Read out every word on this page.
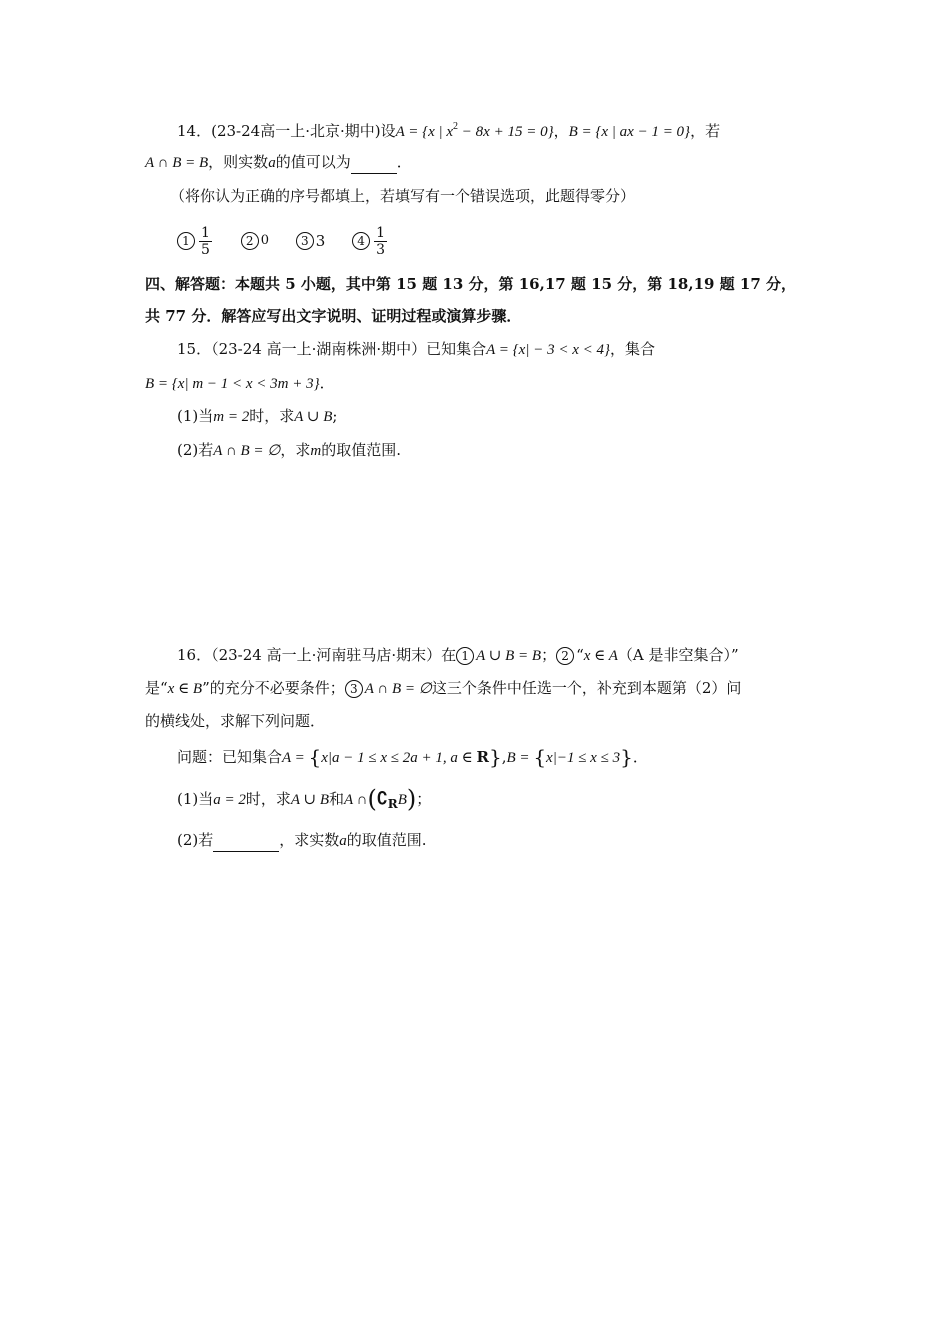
14．(23-24高一上·北京·期中)设A = {x | $x^2 - 8x + 15 = 0$}，B = {x | ax − 1 = 0}，若
A ∩ B = B，则实数a的值可以为	．
（将你认为正确的序号都填上，若填写有一个错误选项，此题得零分）
$1 \frac{1}{5}$
	2 0
	3 3
	$4 \frac{1}{3}$
四、解答题：本题共 5 小题，其中第 15 题 13 分，第 16,17 题 15 分，第 18,19 题 17 分，
共 77 分．解答应写出文字说明、证明过程或演算步骤．
15．（23-24 高一上·湖南株洲·期中）已知集合A = {x| − 3 < x < 4}，集合
B = {x| m − 1 < x < 3m + 3}．
(1)当m = 2时，求A ∪ B;
(2)若A ∩ B = ∅，求m的取值范围.
16．（23-24 高一上·河南驻马店·期末）在 1 A ∪ B = B； 2 “x ∈ A（A 是非空集合）”
是“x ∈ B”的充分不必要条件； 3 A ∩ B = ∅这三个条件中任选一个，补充到本题第（2）问
的横线处，求解下列问题．
问题：已知集合A = {x|a − 1 ≤ x ≤ 2a + 1, a ∈ R},B = {x|−1 ≤ x ≤ 3}．
(1)当a = 2时，求A ∪ B和A $\cap(∁_RB)$；
(2)若	，求实数a的取值范围.
